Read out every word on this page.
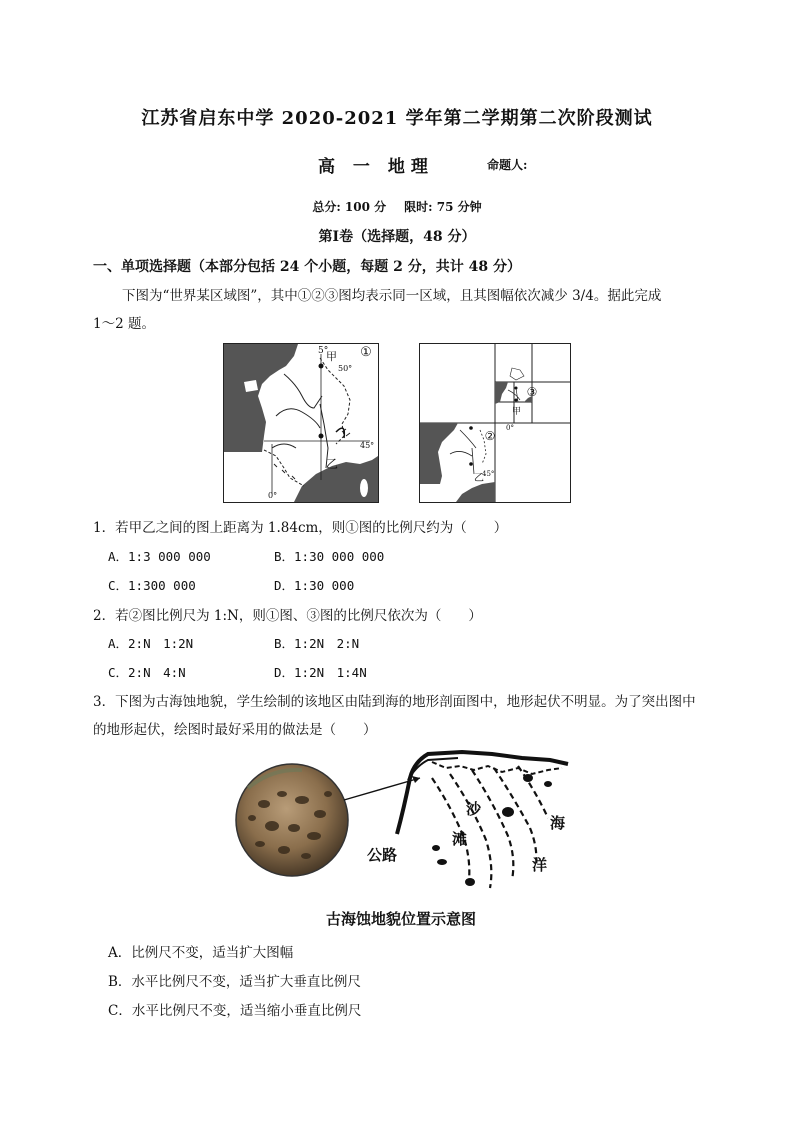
江苏省启东中学 2020-2021 学年第二学期第二次阶段测试
高 一 地理	命题人:
总分: 100 分 限时: 75 分钟
第Ⅰ卷（选择题，48 分）
一、单项选择题（本部分包括 24 个小题，每题 2 分，共计 48 分）
下图为“世界某区域图”，其中①②③图均表示同一区域，且其图幅依次减少 3/4。据此完成
1～2 题。
①
甲
乙
5°
50°
45°
0°
③
②
甲
乙
45°
0°
1．若甲乙之间的图上距离为 1.84cm，则①图的比例尺约为（　　）
A．1:3 000 000	B．1:30 000 000
C．1:300 000	D．1:30 000
2．若②图比例尺为 1:N，则①图、③图的比例尺依次为（　　）
A．2:N　1:2N	B．1:2N　2:N
C．2:N　4:N	D．1:2N　1:4N
3．下图为古海蚀地貌，学生绘制的该地区由陆到海的地形剖面图中，地形起伏不明显。为了突出图中的地形起伏，绘图时最好采用的做法是（　　）
公路
沙
滩
海
洋
古海蚀地貌位置示意图
A．比例尺不变，适当扩大图幅
B．水平比例尺不变，适当扩大垂直比例尺
C．水平比例尺不变，适当缩小垂直比例尺
